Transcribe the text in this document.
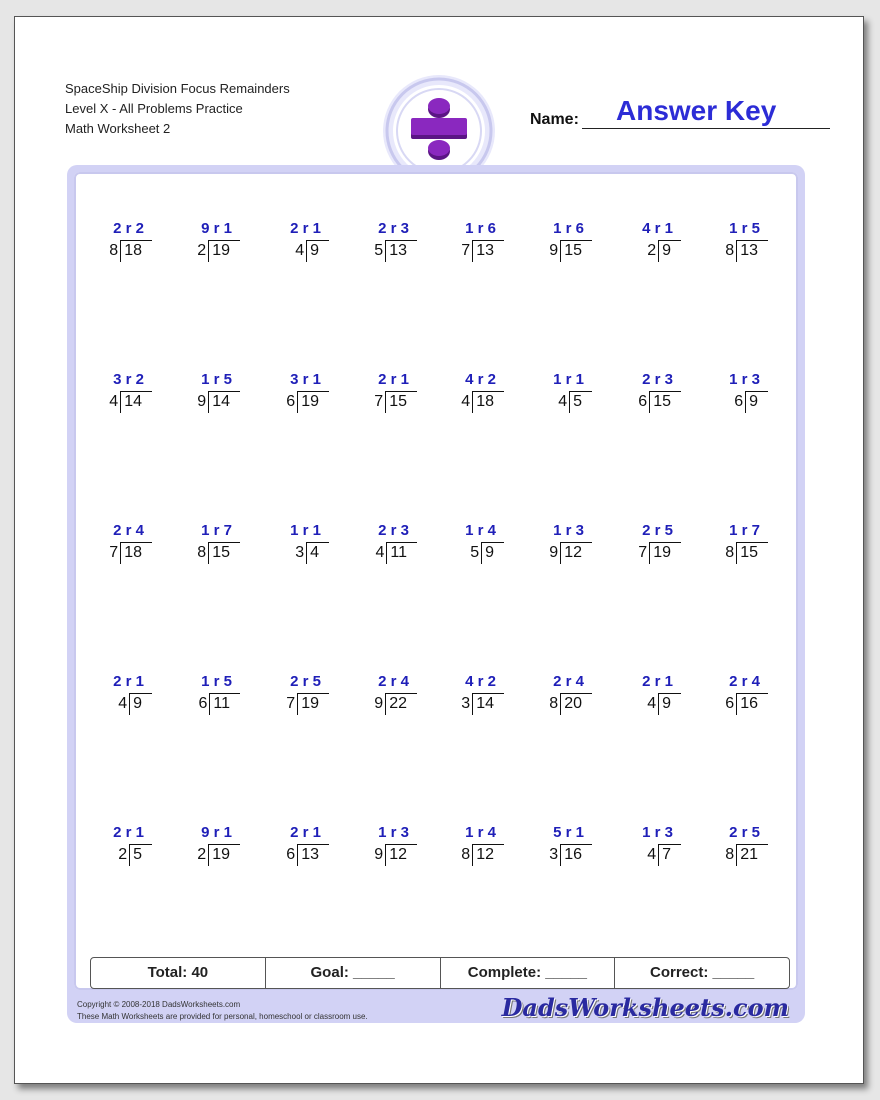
SpaceShip Division Focus Remainders
Level X - All Problems Practice
Math Worksheet 2
Name: Answer Key
2 r 2
8 18
9 r 1
2 19
2 r 1
4 9
2 r 3
5 13
1 r 6
7 13
1 r 6
9 15
4 r 1
2 9
1 r 5
8 13
3 r 2
4 14
1 r 5
9 14
3 r 1
6 19
2 r 1
7 15
4 r 2
4 18
1 r 1
4 5
2 r 3
6 15
1 r 3
6 9
2 r 4
7 18
1 r 7
8 15
1 r 1
3 4
2 r 3
4 11
1 r 4
5 9
1 r 3
9 12
2 r 5
7 19
1 r 7
8 15
2 r 1
4 9
1 r 5
6 11
2 r 5
7 19
2 r 4
9 22
4 r 2
3 14
2 r 4
8 20
2 r 1
4 9
2 r 4
6 16
2 r 1
2 5
9 r 1
2 19
2 r 1
6 13
1 r 3
9 12
1 r 4
8 12
5 r 1
3 16
1 r 3
4 7
2 r 5
8 21
Total: 40	Goal: _____	Complete: _____	Correct: _____
Copyright © 2008-2018 DadsWorksheets.com
These Math Worksheets are provided for personal, homeschool or classroom use.	DadsWorksheets.com
